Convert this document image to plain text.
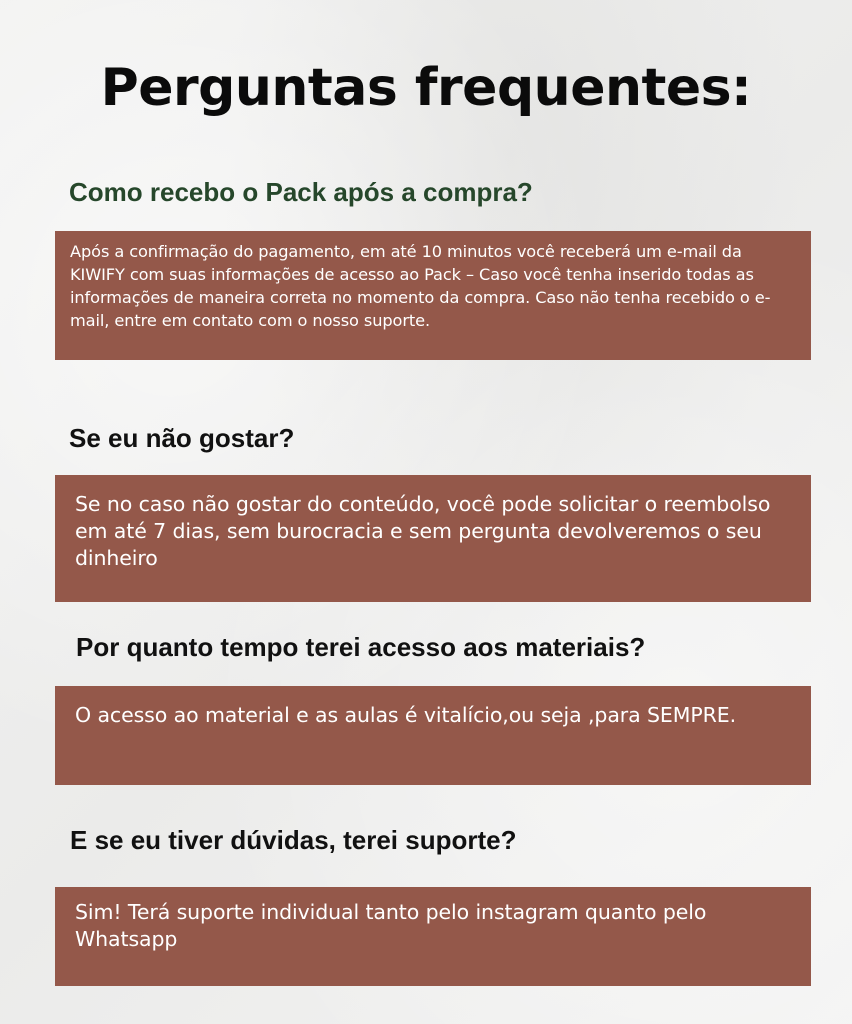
Perguntas frequentes:
Como recebo o Pack após a compra?

Após a confirmação do pagamento, em até 10 minutos você receberá um e-mail da KIWIFY com suas informações de acesso ao Pack – Caso você tenha inserido todas as informações de maneira correta no momento da compra. Caso não tenha recebido o e-mail, entre em contato com o nosso suporte.

Se eu não gostar?

Se no caso não gostar do conteúdo, você pode solicitar o reembolso em até 7 dias, sem burocracia e sem pergunta devolveremos o seu dinheiro

Por quanto tempo terei acesso aos materiais?

O acesso ao material e as aulas é vitalício,ou seja ,para SEMPRE.

E se eu tiver dúvidas, terei suporte?

Sim! Terá suporte individual tanto pelo instagram quanto pelo Whatsapp
